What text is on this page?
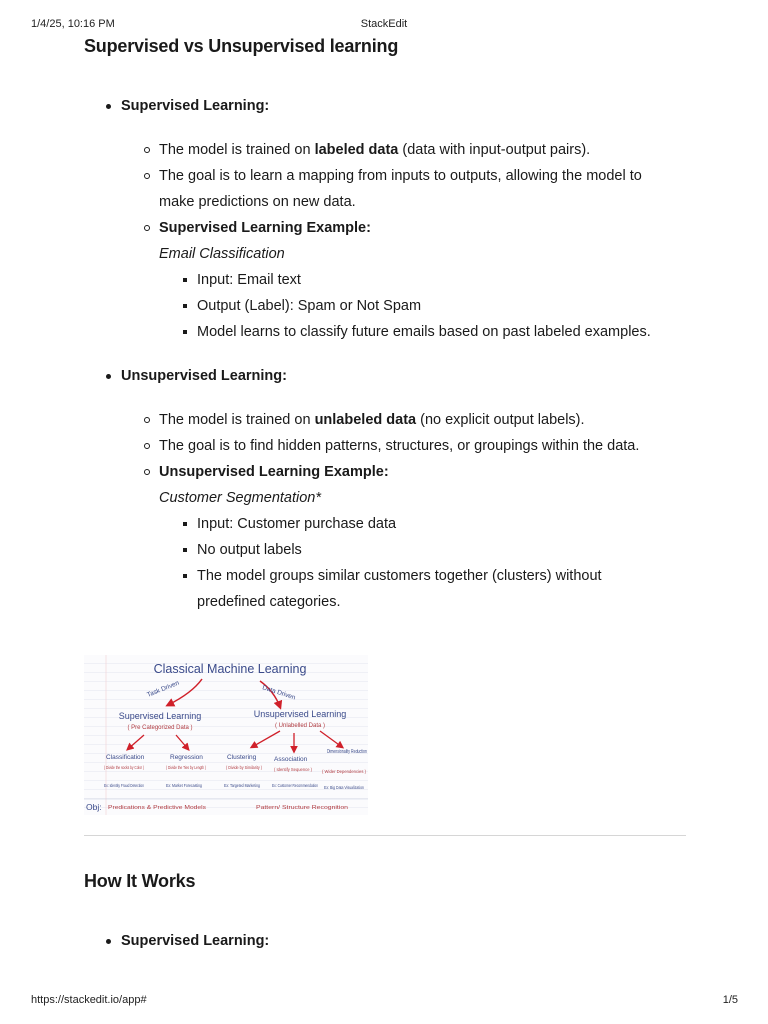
1/4/25, 10:16 PM	StackEdit
Supervised vs Unsupervised learning
Supervised Learning:
The model is trained on labeled data (data with input-output pairs).
The goal is to learn a mapping from inputs to outputs, allowing the model to
make predictions on new data.
Supervised Learning Example:
Email Classification
Input: Email text
Output (Label): Spam or Not Spam
Model learns to classify future emails based on past labeled examples.
Unsupervised Learning:
The model is trained on unlabeled data (no explicit output labels).
The goal is to find hidden patterns, structures, or groupings within the data.
Unsupervised Learning Example:
Customer Segmentation*
Input: Customer purchase data
No output labels
The model groups similar customers together (clusters) without
predefined categories.
Classical Machine Learning
Task Driven	Data Driven
Supervised Learning
( Pre Categorized Data )
Unsupervised Learning
( Unlabelled Data )
Classification	Regression	Clustering	Association
Dimensionality Reduction
( Divide the socks by Color )	( Divide the Ties by Length )	( Divide by Similarity )	( Identify Sequence ) ( Wider Dependencies )
Ex: Identity Fraud Detection	Ex: Market Forecasting	Ex: Targeted Marketing	Ex: Customer Recommendation Ex: Big Data Visualization
Obj: Predications & Predictive Models	Pattern/ Structure Recognition
How It Works
Supervised Learning:
https://stackedit.io/app#	1/5
